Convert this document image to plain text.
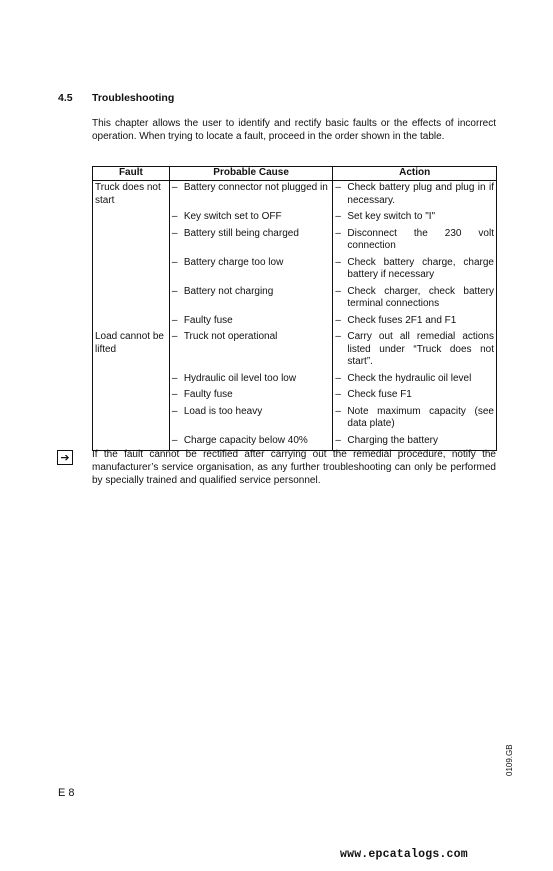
4.5 Troubleshooting
This chapter allows the user to identify and rectify basic faults or the effects of incorrect operation. When trying to locate a fault, proceed in the order shown in the table.
Fault	Probable Cause	Action
Truck does not start	– Battery connector not plugged in	– Check battery plug and plug in if necessary.

	– Key switch set to OFF	– Set key switch to "I"

	– Battery still being charged	– Disconnect the 230 volt connection

	– Battery charge too low	– Check battery charge, charge battery if necessary

	– Battery not charging	– Check charger, check battery terminal connections

	– Faulty fuse	– Check fuses 2F1 and F1

Load cannot be lifted	– Truck not operational	– Carry out all remedial actions listed under “Truck does not start”.

	– Hydraulic oil level too low	– Check the hydraulic oil level

	– Faulty fuse	– Check fuse F1

	– Load is too heavy	– Note maximum capacity (see data plate)

	– Charge capacity below 40%	– Charging the battery
➔	If the fault cannot be rectified after carrying out the remedial procedure, notify the manufacturer’s service organisation, as any further troubleshooting can only be performed by specially trained and qualified service personnel.
0109.GB
E 8
www.epcatalogs.com
